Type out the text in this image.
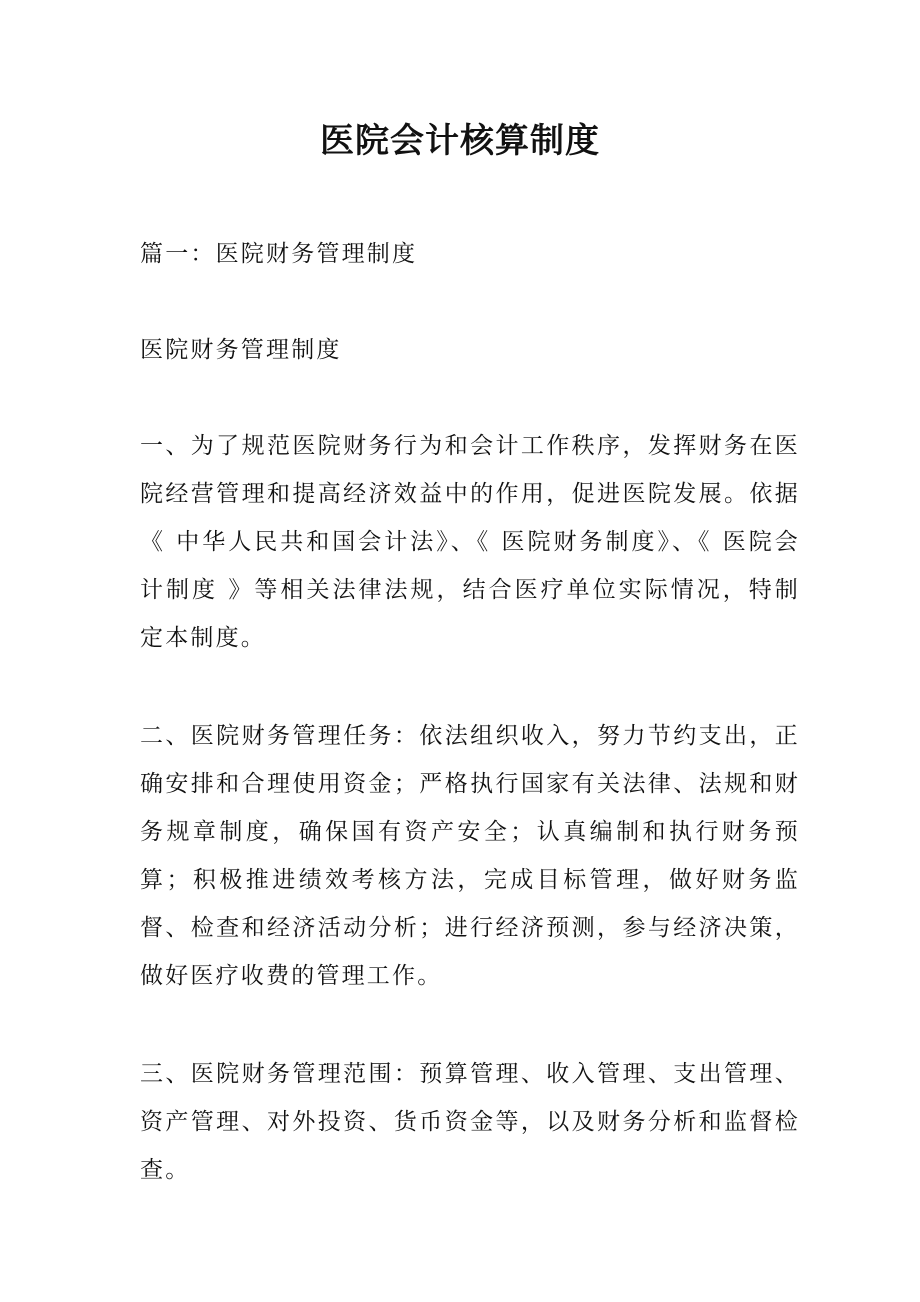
医院会计核算制度

篇一：医院财务管理制度

医院财务管理制度

一、为了规范医院财务行为和会计工作秩序，发挥财务在医院经营管理和提高经济效益中的作用，促进医院发展。依据《 中华人民共和国会计法》、《 医院财务制度》、《 医院会计制度 》等相关法律法规，结合医疗单位实际情况，特制定本制度。

二、医院财务管理任务：依法组织收入，努力节约支出，正确安排和合理使用资金；严格执行国家有关法律、法规和财务规章制度，确保国有资产安全；认真编制和执行财务预算；积极推进绩效考核方法，完成目标管理，做好财务监督、检查和经济活动分析；进行经济预测，参与经济决策，做好医疗收费的管理工作。

三、医院财务管理范围：预算管理、收入管理、支出管理、资产管理、对外投资、货币资金等，以及财务分析和监督检查。
